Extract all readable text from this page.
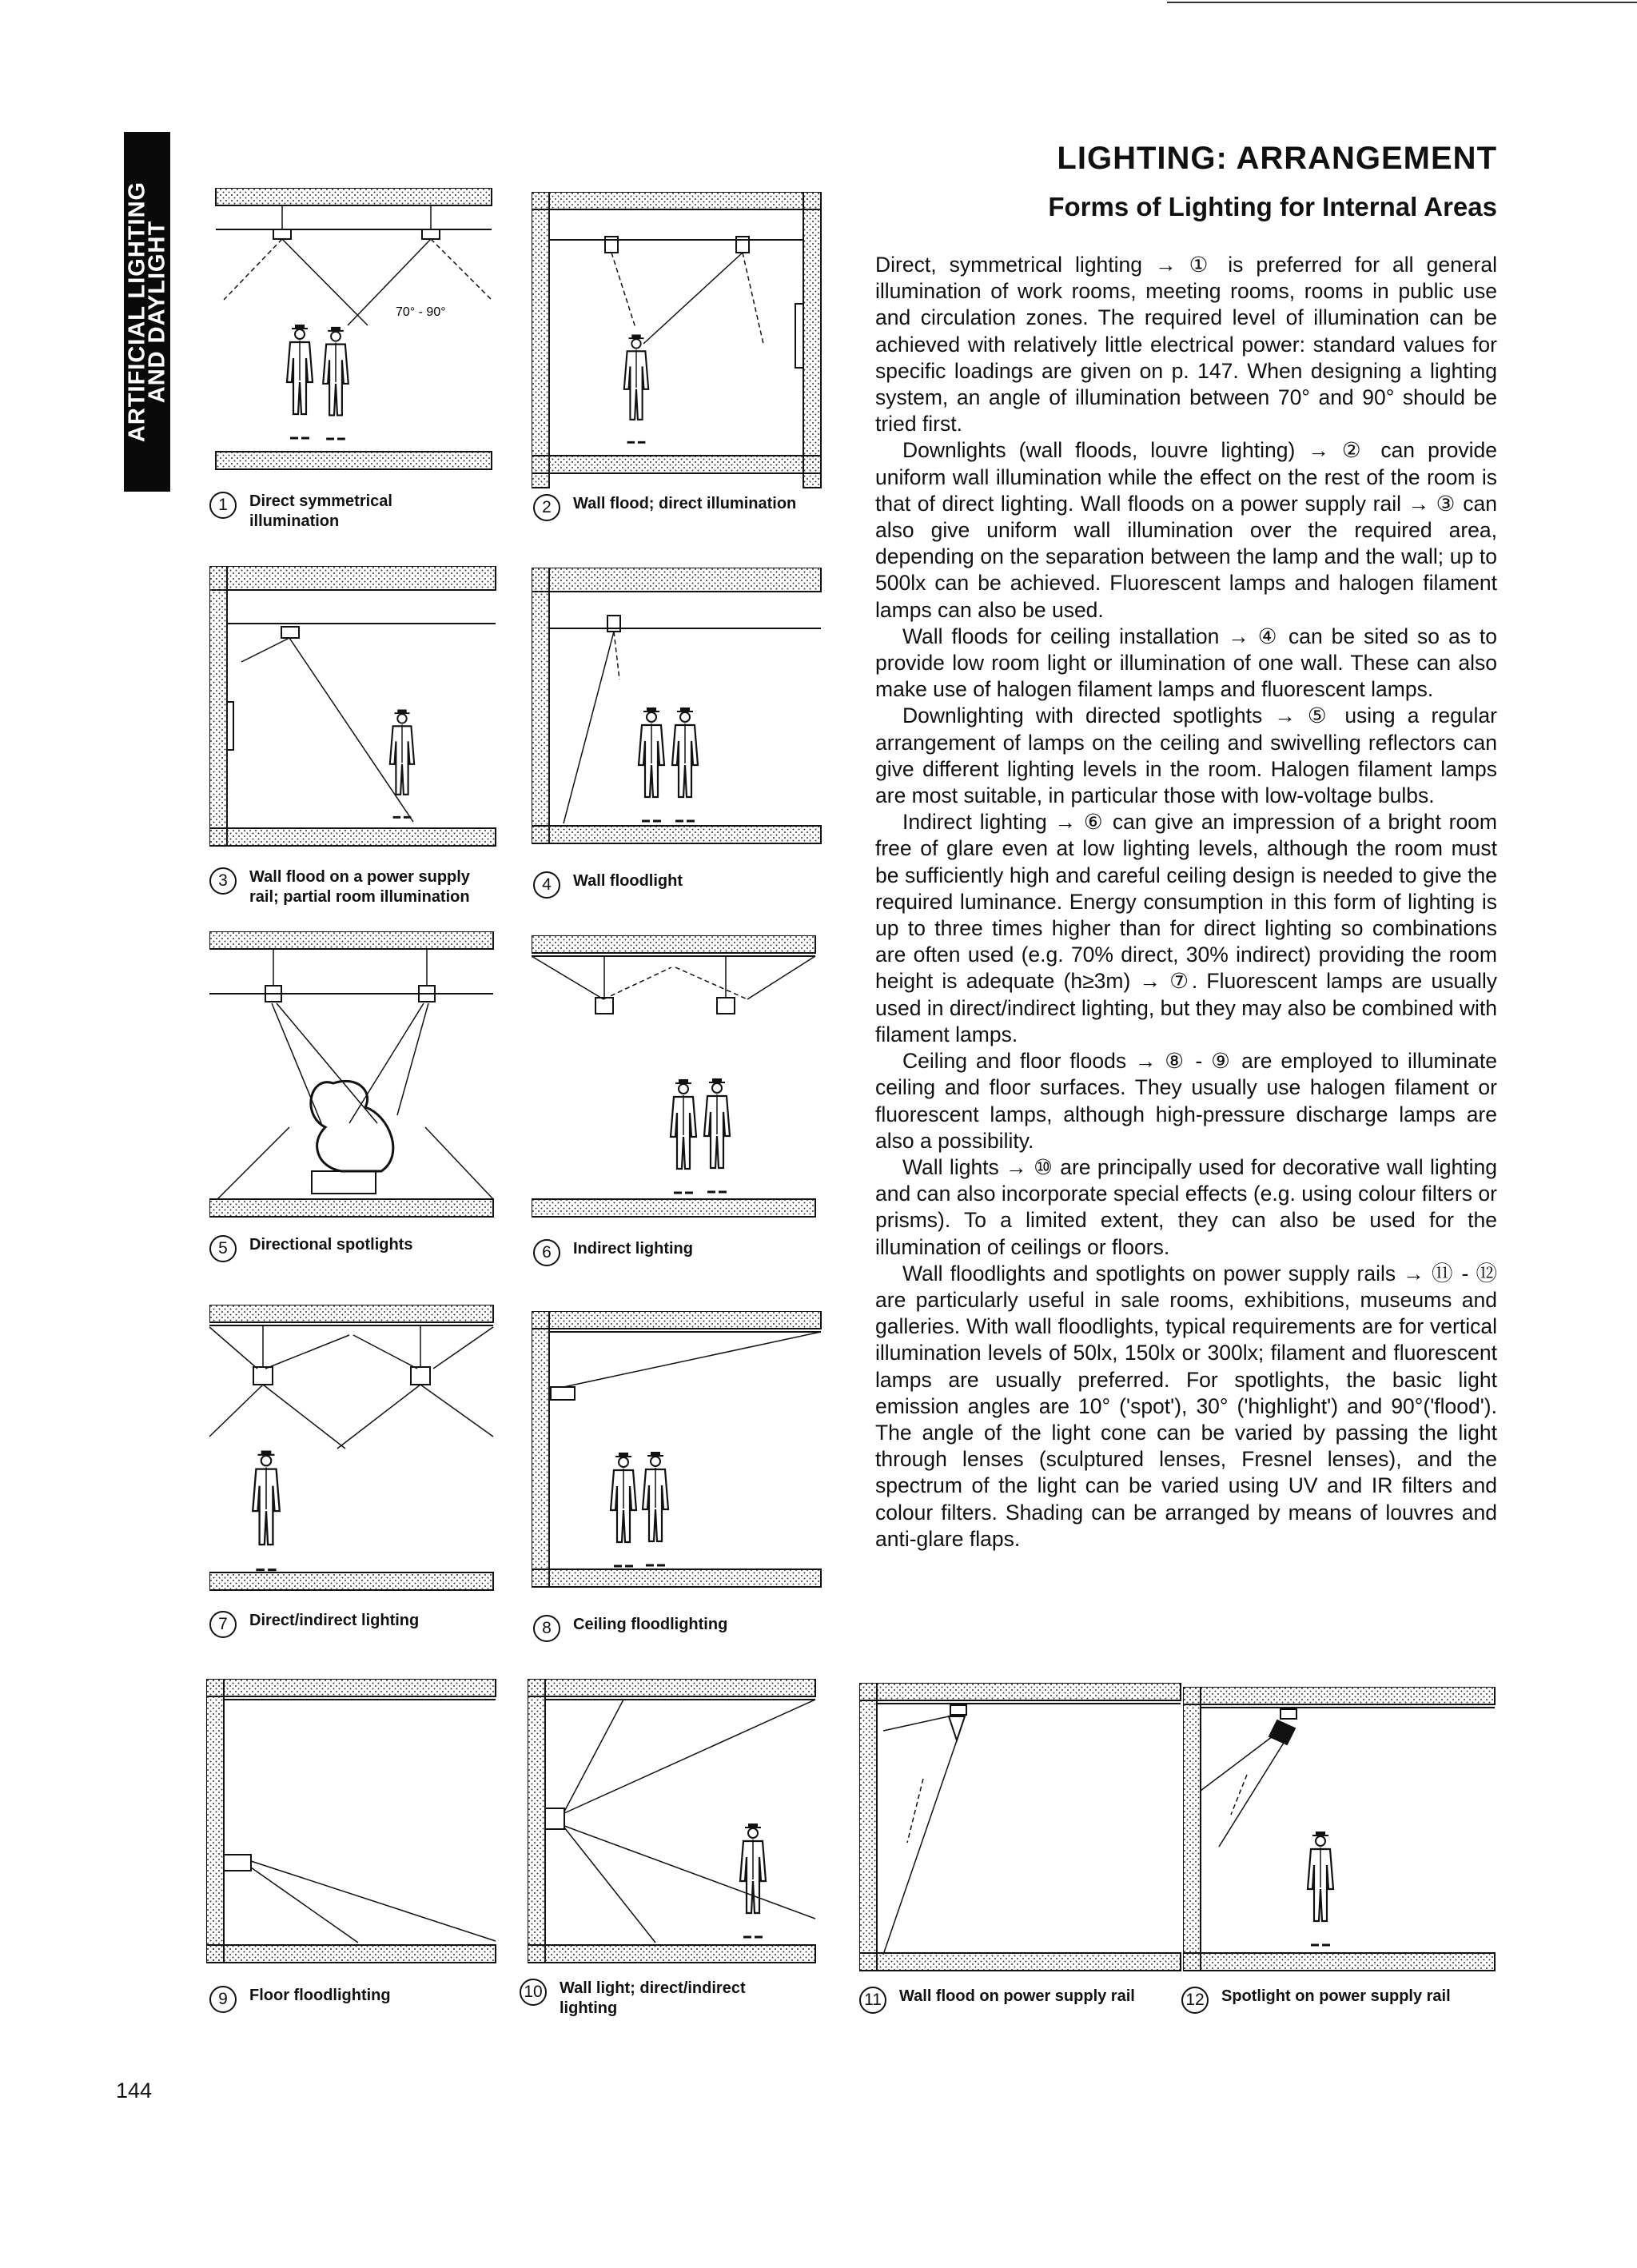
ARTIFICIAL LIGHTING
AND DAYLIGHT
LIGHTING: ARRANGEMENT
Forms of Lighting for Internal Areas

Direct, symmetrical lighting → ① is preferred for all general illumination of work rooms, meeting rooms, rooms in public use and circulation zones. The required level of illumination can be achieved with relatively little electrical power: standard values for specific loadings are given on p. 147. When designing a lighting system, an angle of illumination between 70° and 90° should be tried first.

Downlights (wall floods, louvre lighting) → ② can provide uniform wall illumination while the effect on the rest of the room is that of direct lighting. Wall floods on a power supply rail → ③ can also give uniform wall illumination over the required area, depending on the separation between the lamp and the wall; up to 500lx can be achieved. Fluorescent lamps and halogen filament lamps can also be used.

Wall floods for ceiling installation → ④ can be sited so as to provide low room light or illumination of one wall. These can also make use of halogen filament lamps and fluorescent lamps.

Downlighting with directed spotlights → ⑤ using a regular arrangement of lamps on the ceiling and swivelling reflectors can give different lighting levels in the room. Halogen filament lamps are most suitable, in particular those with low-voltage bulbs.

Indirect lighting → ⑥ can give an impression of a bright room free of glare even at low lighting levels, although the room must be sufficiently high and careful ceiling design is needed to give the required luminance. Energy consumption in this form of lighting is up to three times higher than for direct lighting so combinations are often used (e.g. 70% direct, 30% indirect) providing the room height is adequate (h≥3m) → ⑦. Fluorescent lamps are usually used in direct/indirect lighting, but they may also be combined with filament lamps.

Ceiling and floor floods → ⑧ - ⑨ are employed to illuminate ceiling and floor surfaces. They usually use halogen filament or fluorescent lamps, although high-pressure discharge lamps are also a possibility.

Wall lights → ⑩ are principally used for decorative wall lighting and can also incorporate special effects (e.g. using colour filters or prisms). To a limited extent, they can also be used for the illumination of ceilings or floors.

Wall floodlights and spotlights on power supply rails → ⑪ - ⑫ are particularly useful in sale rooms, exhibitions, museums and galleries. With wall floodlights, typical requirements are for vertical illumination levels of 50lx, 150lx or 300lx; filament and fluorescent lamps are usually preferred. For spotlights, the basic light emission angles are 10° ('spot'), 30° ('highlight') and 90°('flood'). The angle of the light cone can be varied by passing the light through lenses (sculptured lenses, Fresnel lenses), and the spectrum of the light can be varied using UV and IR filters and colour filters. Shading can be arranged by means of louvres and anti-glare flaps.

70° - 90°
1	Direct symmetrical illumination
2	Wall flood; direct illumination
3	Wall flood on a power supply rail; partial room illumination
4	Wall floodlight
5	Directional spotlights	6	Indirect lighting
7	Direct/indirect lighting	8	Ceiling floodlighting
9	Floor floodlighting	10 Wall light; direct/indirect lighting	11	Wall flood on power supply rail	12 Spotlight on power supply rail
144
